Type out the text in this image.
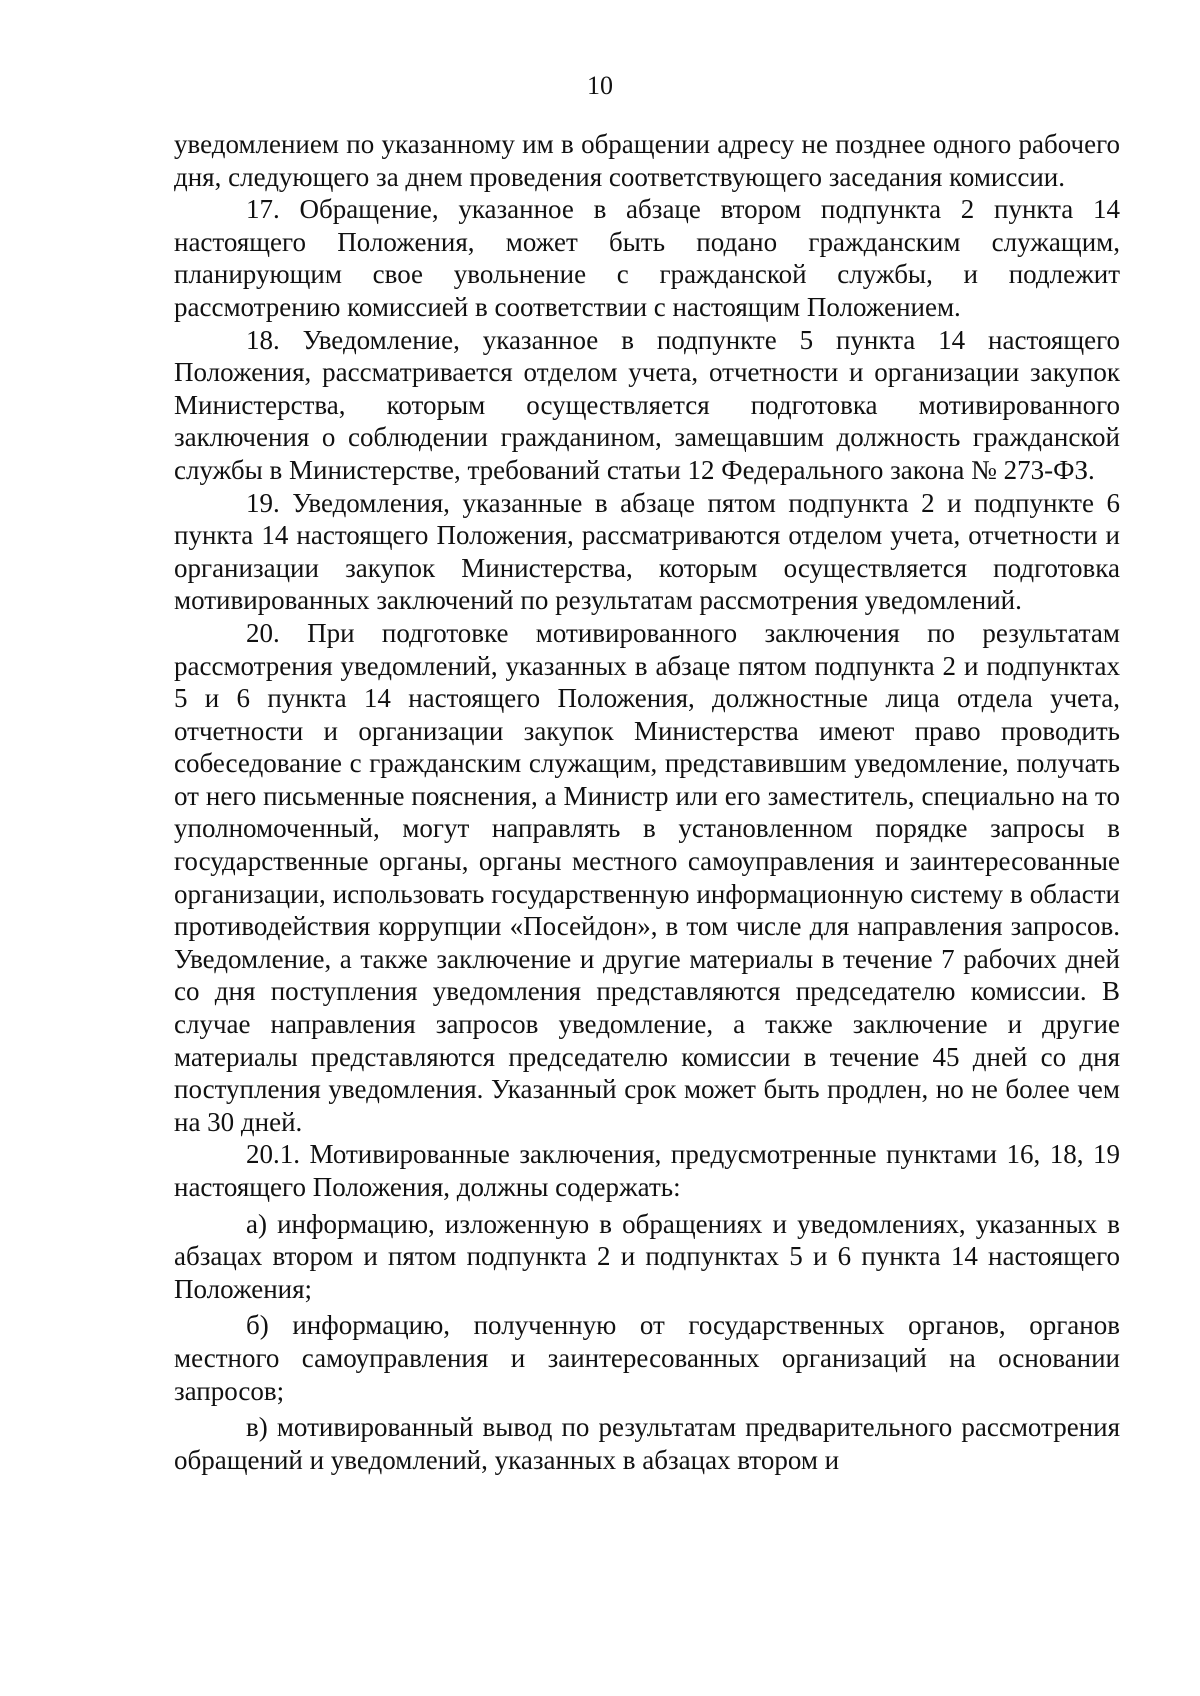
10

уведомлением по указанному им в обращении адресу не позднее одного рабочего дня, следующего за днем проведения соответствующего заседания комиссии.

17. Обращение, указанное в абзаце втором подпункта 2 пункта 14 настоящего Положения, может быть подано гражданским служащим, планирующим свое увольнение с гражданской службы, и подлежит рассмотрению комиссией в соответствии с настоящим Положением.

18. Уведомление, указанное в подпункте 5 пункта 14 настоящего Положения, рассматривается отделом учета, отчетности и организации закупок Министерства, которым осуществляется подготовка мотивированного заключения о соблюдении гражданином, замещавшим должность гражданской службы в Министерстве, требований статьи 12 Федерального закона № 273-ФЗ.

19. Уведомления, указанные в абзаце пятом подпункта 2 и подпункте 6 пункта 14 настоящего Положения, рассматриваются отделом учета, отчетности и организации закупок Министерства, которым осуществляется подготовка мотивированных заключений по результатам рассмотрения уведомлений.

20. При подготовке мотивированного заключения по результатам рассмотрения уведомлений, указанных в абзаце пятом подпункта 2 и подпунктах 5 и 6 пункта 14 настоящего Положения, должностные лица отдела учета, отчетности и организации закупок Министерства имеют право проводить собеседование с гражданским служащим, представившим уведомление, получать от него письменные пояснения, а Министр или его заместитель, специально на то уполномоченный, могут направлять в установленном порядке запросы в государственные органы, органы местного самоуправления и заинтересованные организации, использовать государственную информационную систему в области противодействия коррупции «Посейдон», в том числе для направления запросов. Уведомление, а также заключение и другие материалы в течение 7 рабочих дней со дня поступления уведомления представляются председателю комиссии. В случае направления запросов уведомление, а также заключение и другие материалы представляются председателю комиссии в течение 45 дней со дня поступления уведомления. Указанный срок может быть продлен, но не более чем на 30 дней.

20.1. Мотивированные заключения, предусмотренные пунктами 16, 18, 19 настоящего Положения, должны содержать:

а) информацию, изложенную в обращениях и уведомлениях, указанных в абзацах втором и пятом подпункта 2 и подпунктах 5 и 6 пункта 14 настоящего Положения;

б) информацию, полученную от государственных органов, органов местного самоуправления и заинтересованных организаций на основании запросов;

в) мотивированный вывод по результатам предварительного рассмотрения обращений и уведомлений, указанных в абзацах втором и
